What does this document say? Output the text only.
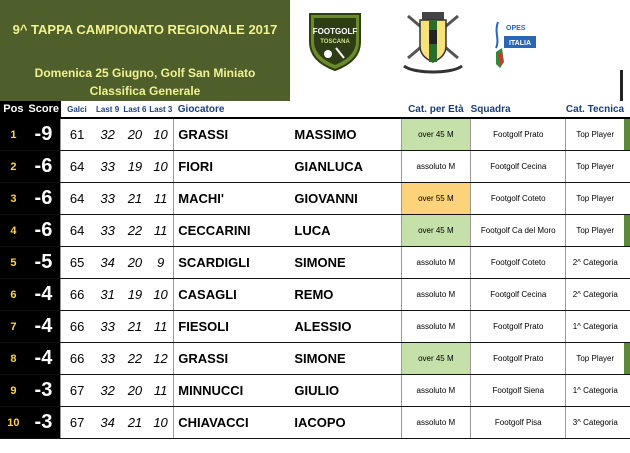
9^ TAPPA CAMPIONATO REGIONALE 2017
Domenica 25 Giugno, Golf San Miniato
Classifica Generale
FOOTGOLF
TOSCANA
OPES
ITALIA
Pos	Score	Galci	Last 9	Last 6	Last 3	Giocatore		Cat. per Età	Squadra	Cat. Tecnica	
1	-9	61	32	20	10	GRASSI	MASSIMO	over 45 M	Footgolf Prato	Top Player	
2	-6	64	33	19	10	FIORI	GIANLUCA	assoluto M	Footgolf Cecina	Top Player	
3	-6	64	33	21	11	MACHI'	GIOVANNI	over 55 M	Footgolf Coteto	Top Player	
4	-6	64	33	22	11	CECCARINI	LUCA	over 45 M	Footgolf Ca del Moro	Top Player	
5	-5	65	34	20	9	SCARDIGLI	SIMONE	assoluto M	Footgolf Coteto	2^ Categoria	
6	-4	66	31	19	10	CASAGLI	REMO	assoluto M	Footgolf Cecina	2^ Categoria	
7	-4	66	33	21	11	FIESOLI	ALESSIO	assoluto M	Footgolf Prato	1^ Categoria	
8	-4	66	33	22	12	GRASSI	SIMONE	over 45 M	Footgolf Prato	Top Player	
9	-3	67	32	20	11	MINNUCCI	GIULIO	assoluto M	Footgolf Siena	1^ Categoria	
10	-3	67	34	21	10	CHIAVACCI	IACOPO	assoluto M	Footgolf Pisa	3^ Categoria	
